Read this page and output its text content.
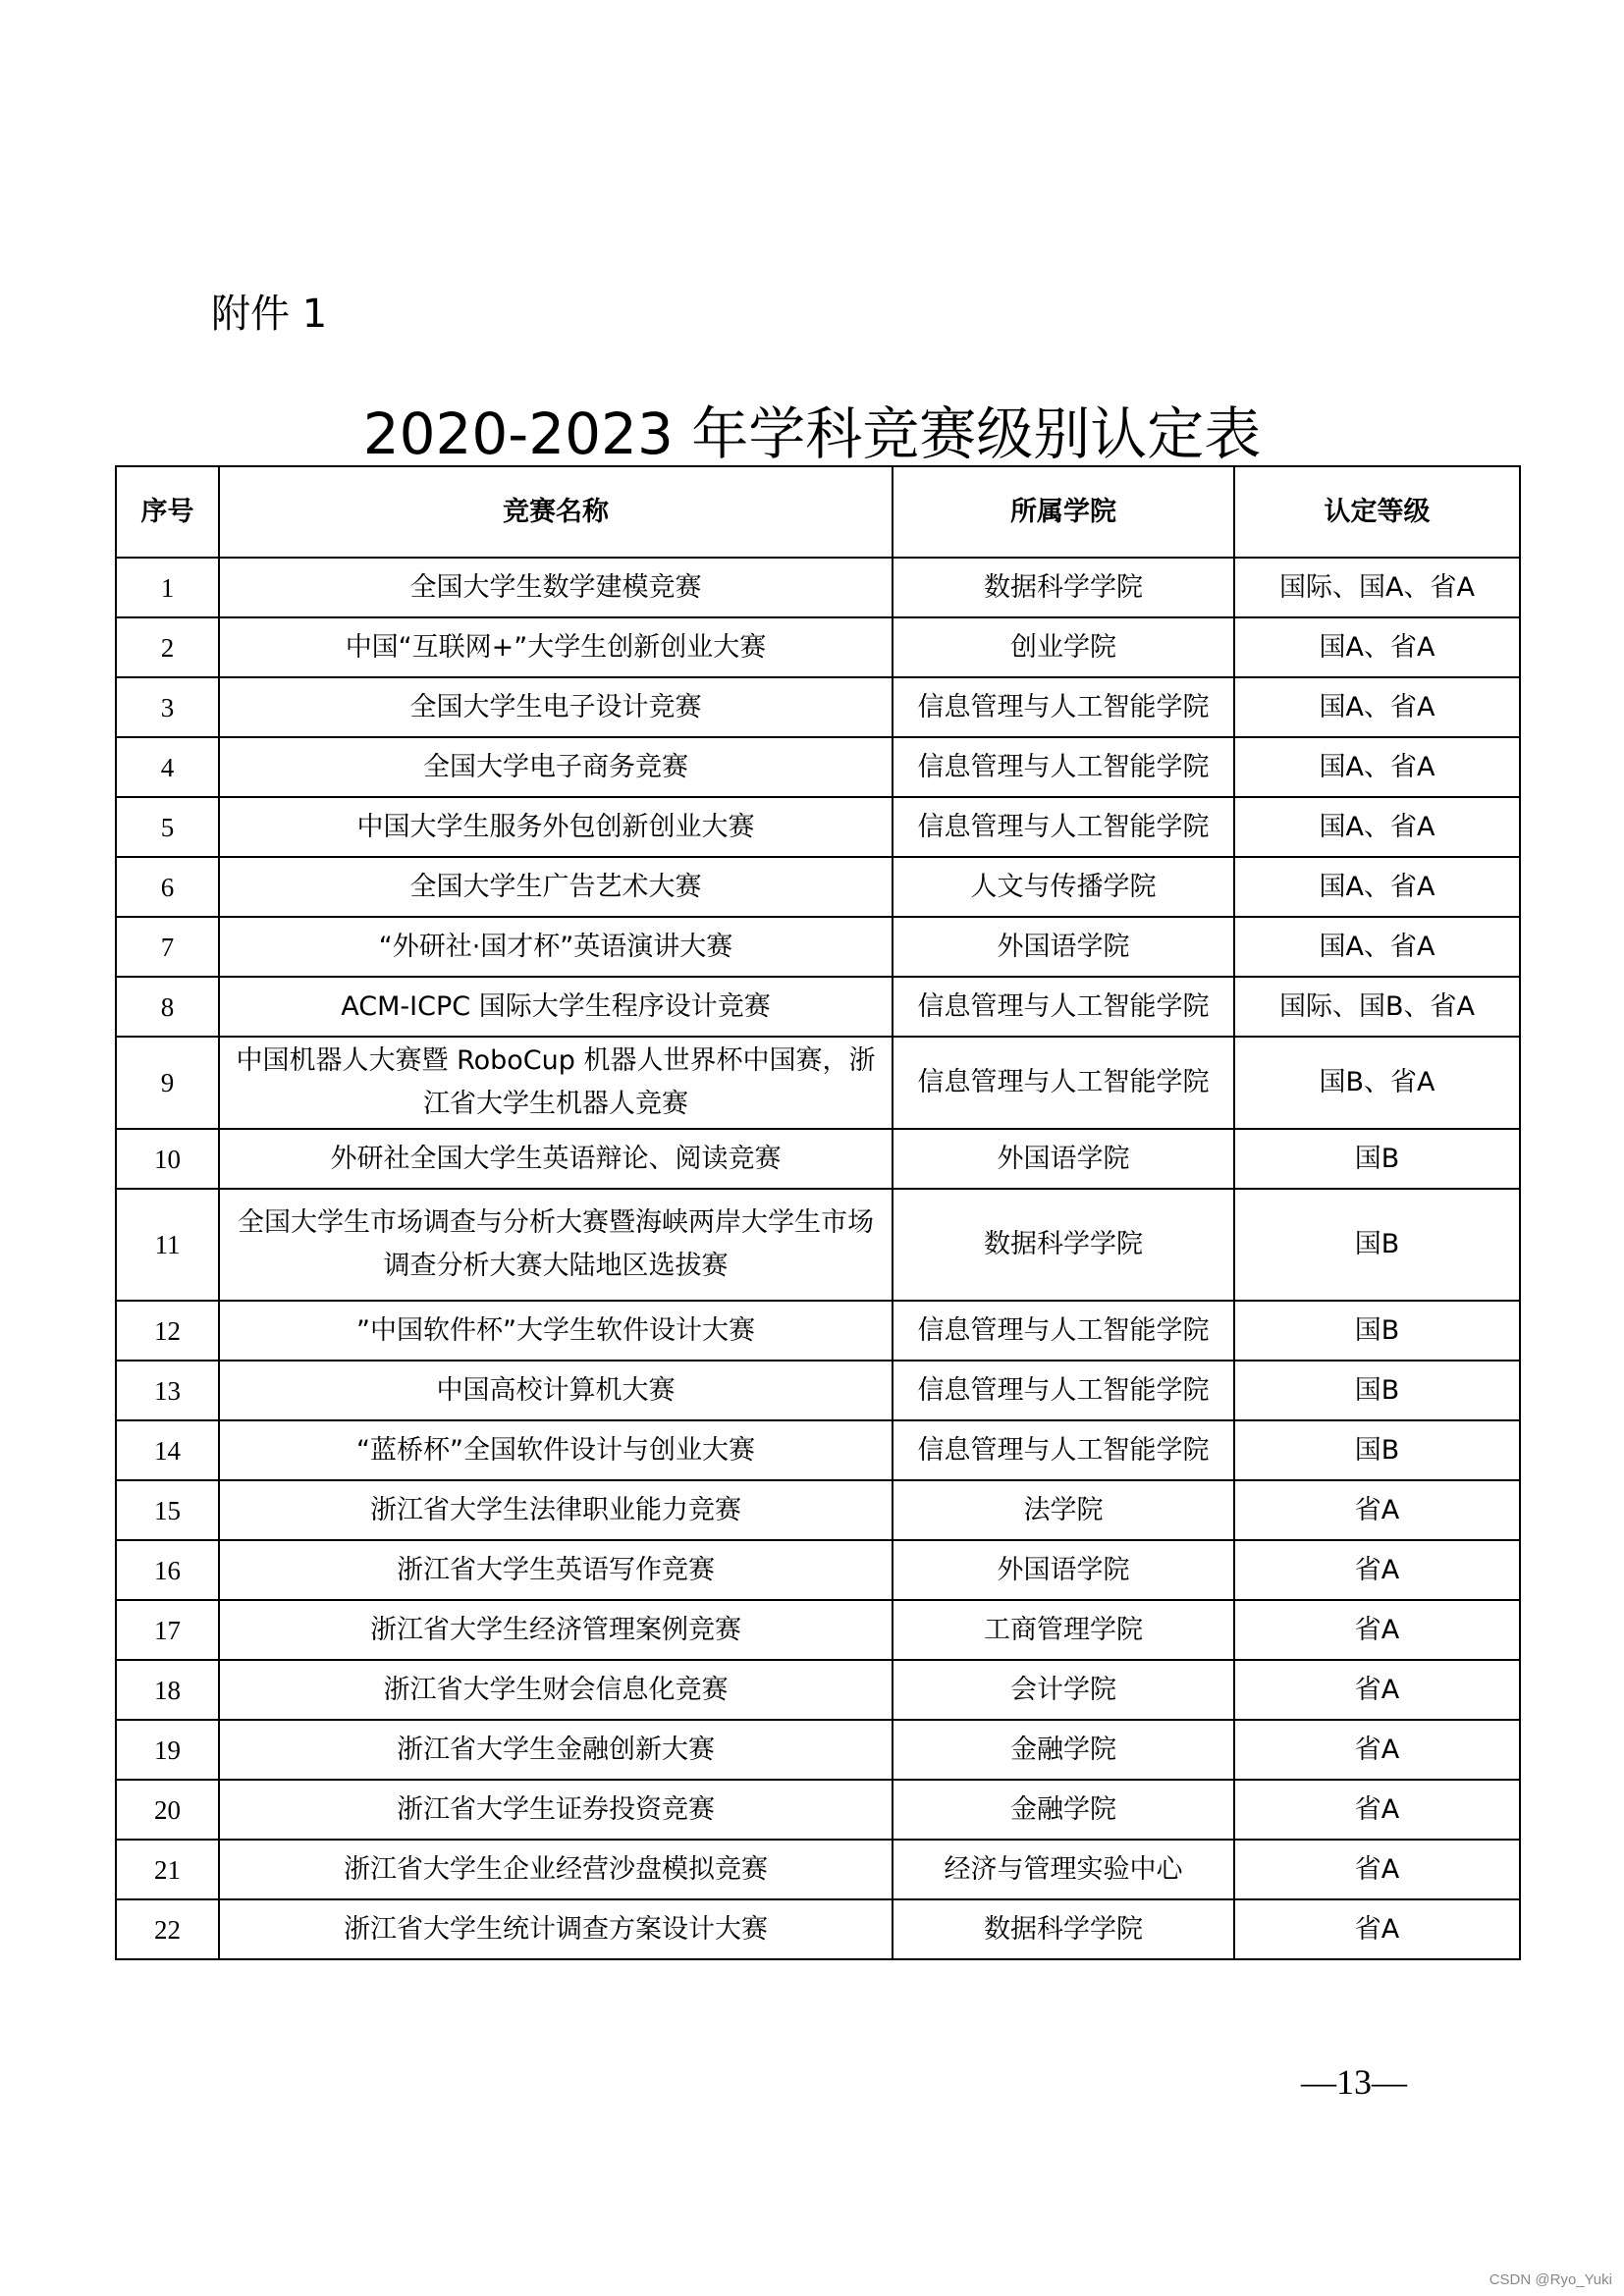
附件 1
2020-2023 年学科竞赛级别认定表
序号	竞赛名称	所属学院	认定等级
1	全国大学生数学建模竞赛	数据科学学院	国际、国A、省A
2	中国“互联网+”大学生创新创业大赛	创业学院	国A、省A
3	全国大学生电子设计竞赛	信息管理与人工智能学院	国A、省A
4	全国大学电子商务竞赛	信息管理与人工智能学院	国A、省A
5	中国大学生服务外包创新创业大赛	信息管理与人工智能学院	国A、省A
6	全国大学生广告艺术大赛	人文与传播学院	国A、省A
7	“外研社·国才杯”英语演讲大赛	外国语学院	国A、省A
8	ACM-ICPC 国际大学生程序设计竞赛	信息管理与人工智能学院	国际、国B、省A
9	中国机器人大赛暨 RoboCup 机器人世界杯中国赛，浙江省大学生机器人竞赛	信息管理与人工智能学院	国B、省A
10	外研社全国大学生英语辩论、阅读竞赛	外国语学院	国B
11	全国大学生市场调查与分析大赛暨海峡两岸大学生市场调查分析大赛大陆地区选拔赛	数据科学学院	国B
12	”中国软件杯”大学生软件设计大赛	信息管理与人工智能学院	国B
13	中国高校计算机大赛	信息管理与人工智能学院	国B
14	“蓝桥杯”全国软件设计与创业大赛	信息管理与人工智能学院	国B
15	浙江省大学生法律职业能力竞赛	法学院	省A
16	浙江省大学生英语写作竞赛	外国语学院	省A
17	浙江省大学生经济管理案例竞赛	工商管理学院	省A
18	浙江省大学生财会信息化竞赛	会计学院	省A
19	浙江省大学生金融创新大赛	金融学院	省A
20	浙江省大学生证券投资竞赛	金融学院	省A
21	浙江省大学生企业经营沙盘模拟竞赛	经济与管理实验中心	省A
22	浙江省大学生统计调查方案设计大赛	数据科学学院	省A
—13—
CSDN @Ryo_Yuki
